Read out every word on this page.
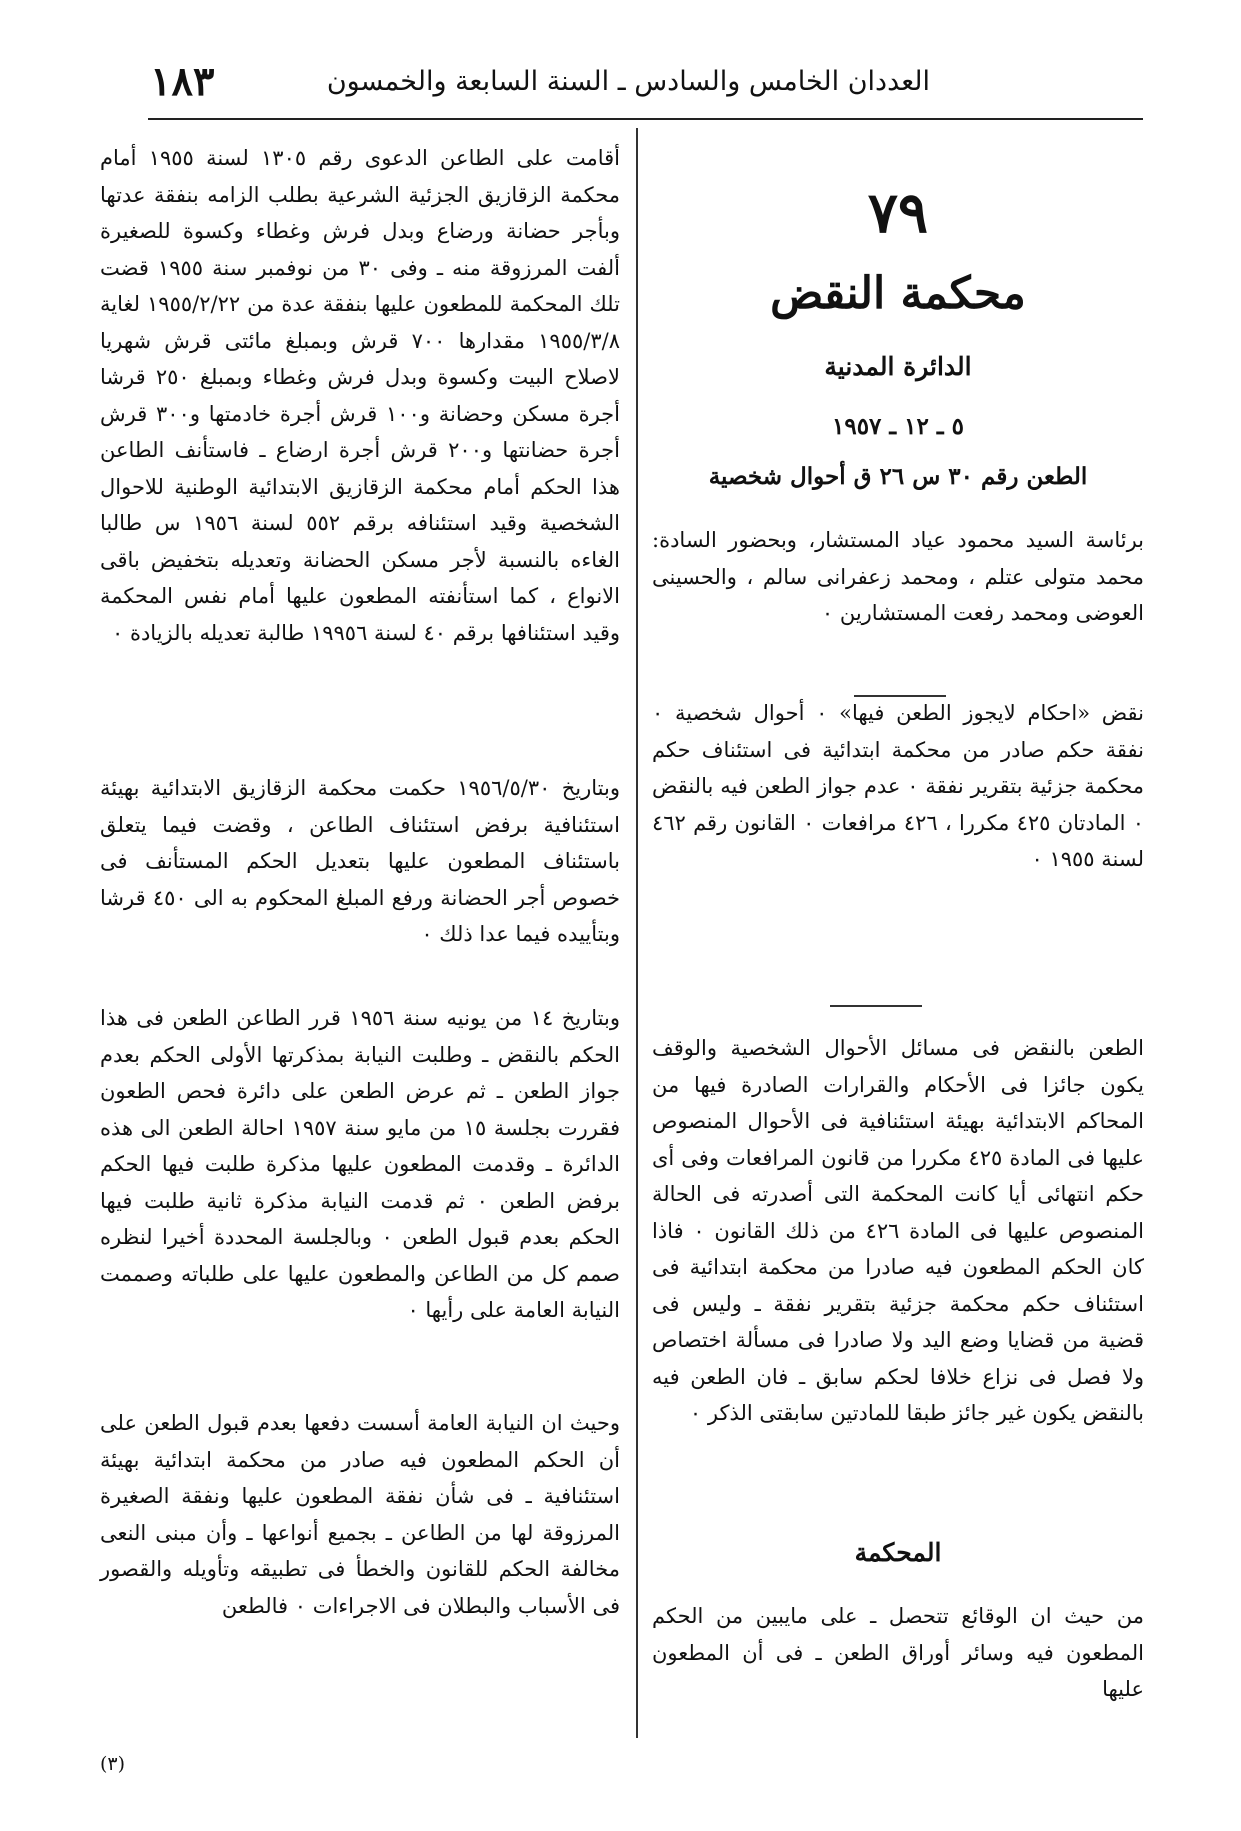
١٨٣	العددان الخامس والسادس ـ السنة السابعة والخمسون
٧٩
محكمة النقض
الدائرة المدنية
٥ ـ ١٢ ـ ١٩٥٧
الطعن رقم ٣٠ س ٢٦ ق أحوال شخصية

برئاسة السيد محمود عياد المستشار، وبحضور السادة: محمد متولى عتلم ، ومحمد زعفرانى سالم ، والحسينى العوضى ومحمد رفعت المستشارين ٠

نقض «احكام لايجوز الطعن فيها» ٠ أحوال شخصية ٠ نفقة حكم صادر من محكمة ابتدائية فى استئناف حكم محكمة جزئية بتقرير نفقة ٠ عدم جواز الطعن فيه بالنقض ٠ المادتان ٤٢٥ مكررا ، ٤٢٦ مرافعات ٠ القانون رقم ٤٦٢ لسنة ١٩٥٥ ٠

الطعن بالنقض فى مسائل الأحوال الشخصية والوقف يكون جائزا فى الأحكام والقرارات الصادرة فيها من المحاكم الابتدائية بهيئة استئنافية فى الأحوال المنصوص عليها فى المادة ٤٢٥ مكررا من قانون المرافعات وفى أى حكم انتهائى أيا كانت المحكمة التى أصدرته فى الحالة المنصوص عليها فى المادة ٤٢٦ من ذلك القانون ٠ فاذا كان الحكم المطعون فيه صادرا من محكمة ابتدائية فى استئناف حكم محكمة جزئية بتقرير نفقة ـ وليس فى قضية من قضايا وضع اليد ولا صادرا فى مسألة اختصاص ولا فصل فى نزاع خلافا لحكم سابق ـ فان الطعن فيه بالنقض يكون غير جائز طبقا للمادتين سابقتى الذكر ٠

المحكمة

من حيث ان الوقائع تتحصل ـ على مايبين من الحكم المطعون فيه وسائر أوراق الطعن ـ فى أن المطعون عليها

أقامت على الطاعن الدعوى رقم ١٣٠٥ لسنة ١٩٥٥ أمام محكمة الزقازيق الجزئية الشرعية بطلب الزامه بنفقة عدتها وبأجر حضانة ورضاع وبدل فرش وغطاء وكسوة للصغيرة ألفت المرزوقة منه ـ وفى ٣٠ من نوفمبر سنة ١٩٥٥ قضت تلك المحكمة للمطعون عليها بنفقة عدة من ١٩٥٥/٢/٢٢ لغاية ١٩٥٥/٣/٨ مقدارها ٧٠٠ قرش وبمبلغ مائتى قرش شهريا لاصلاح البيت وكسوة وبدل فرش وغطاء وبمبلغ ٢٥٠ قرشا أجرة مسكن وحضانة و١٠٠ قرش أجرة خادمتها و٣٠٠ قرش أجرة حضانتها و٢٠٠ قرش أجرة ارضاع ـ فاستأنف الطاعن هذا الحكم أمام محكمة الزقازيق الابتدائية الوطنية للاحوال الشخصية وقيد استئنافه برقم ٥٥٢ لسنة ١٩٥٦ س طالبا الغاءه بالنسبة لأجر مسكن الحضانة وتعديله بتخفيض باقى الانواع ، كما استأنفته المطعون عليها أمام نفس المحكمة وقيد استئنافها برقم ٤٠ لسنة ١٩٩٥٦ طالبة تعديله بالزيادة ٠

وبتاريخ ١٩٥٦/٥/٣٠ حكمت محكمة الزقازيق الابتدائية بهيئة استئنافية برفض استئناف الطاعن ، وقضت فيما يتعلق باستئناف المطعون عليها بتعديل الحكم المستأنف فى خصوص أجر الحضانة ورفع المبلغ المحكوم به الى ٤٥٠ قرشا وبتأييده فيما عدا ذلك ٠

وبتاريخ ١٤ من يونيه سنة ١٩٥٦ قرر الطاعن الطعن فى هذا الحكم بالنقض ـ وطلبت النيابة بمذكرتها الأولى الحكم بعدم جواز الطعن ـ ثم عرض الطعن على دائرة فحص الطعون فقررت بجلسة ١٥ من مايو سنة ١٩٥٧ احالة الطعن الى هذه الدائرة ـ وقدمت المطعون عليها مذكرة طلبت فيها الحكم برفض الطعن ٠ ثم قدمت النيابة مذكرة ثانية طلبت فيها الحكم بعدم قبول الطعن ٠ وبالجلسة المحددة أخيرا لنظره صمم كل من الطاعن والمطعون عليها على طلباته وصممت النيابة العامة على رأيها ٠

وحيث ان النيابة العامة أسست دفعها بعدم قبول الطعن على أن الحكم المطعون فيه صادر من محكمة ابتدائية بهيئة استئنافية ـ فى شأن نفقة المطعون عليها ونفقة الصغيرة المرزوقة لها من الطاعن ـ بجميع أنواعها ـ وأن مبنى النعى مخالفة الحكم للقانون والخطأ فى تطبيقه وتأويله والقصور فى الأسباب والبطلان فى الاجراءات ٠ فالطعن

(٣)
